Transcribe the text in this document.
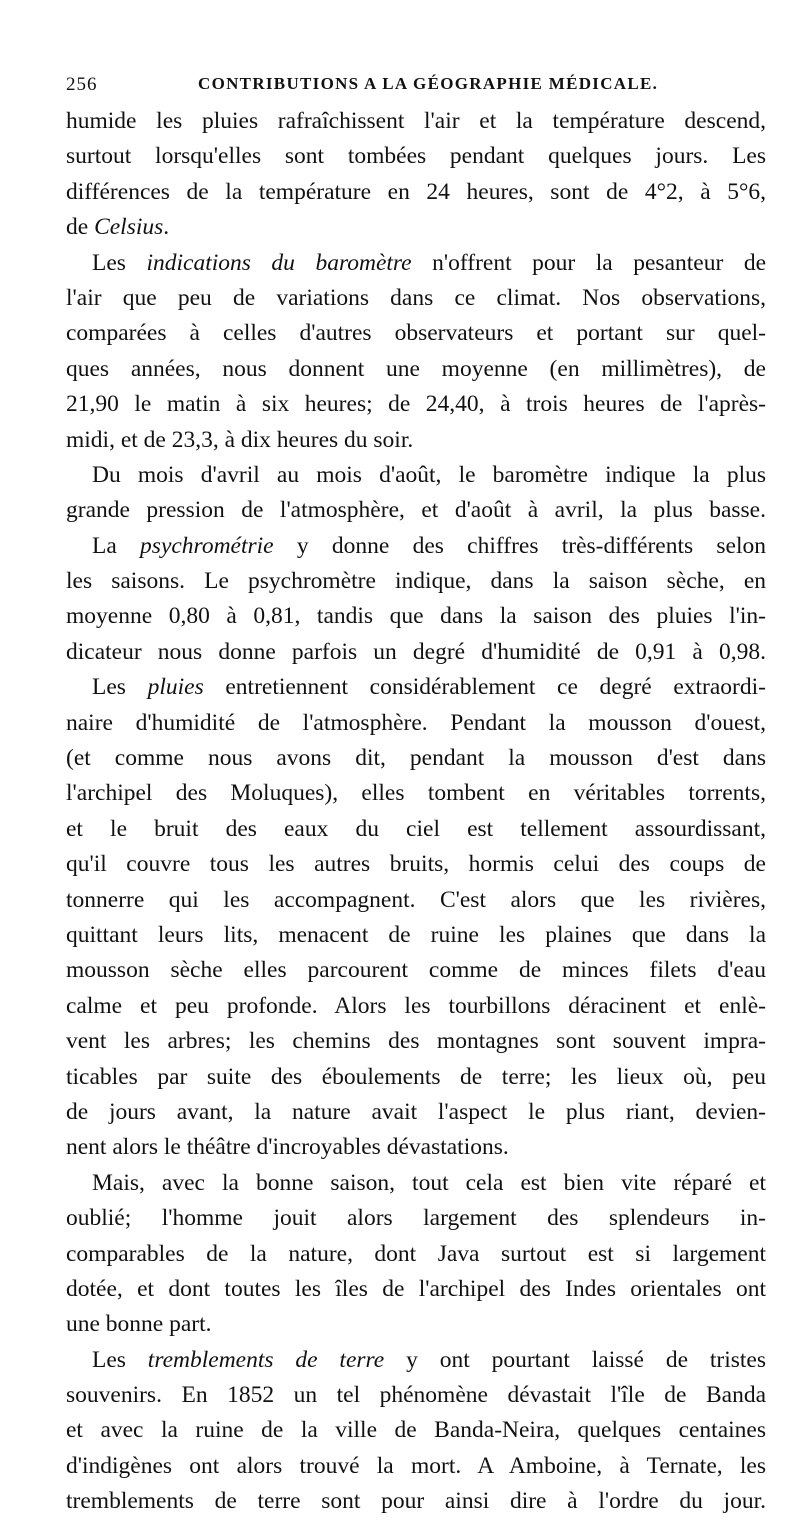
256	CONTRIBUTIONS A LA GÉOGRAPHIE MÉDICALE.
humide les pluies rafraîchissent l'air et la température descend,
surtout lorsqu'elles sont tombées pendant quelques jours. Les
différences de la température en 24 heures, sont de 4°2, à 5°6,
de Celsius.
Les indications du baromètre n'offrent pour la pesanteur de
l'air que peu de variations dans ce climat. Nos observations,
comparées à celles d'autres observateurs et portant sur quel-
ques années, nous donnent une moyenne (en millimètres), de
21,90 le matin à six heures; de 24,40, à trois heures de l'après-
midi, et de 23,3, à dix heures du soir.
Du mois d'avril au mois d'août, le baromètre indique la plus
grande pression de l'atmosphère, et d'août à avril, la plus basse.
La psychrométrie y donne des chiffres très-différents selon
les saisons. Le psychromètre indique, dans la saison sèche, en
moyenne 0,80 à 0,81, tandis que dans la saison des pluies l'in-
dicateur nous donne parfois un degré d'humidité de 0,91 à 0,98.
Les pluies entretiennent considérablement ce degré extraordi-
naire d'humidité de l'atmosphère. Pendant la mousson d'ouest,
(et comme nous avons dit, pendant la mousson d'est dans
l'archipel des Moluques), elles tombent en véritables torrents,
et le bruit des eaux du ciel est tellement assourdissant,
qu'il couvre tous les autres bruits, hormis celui des coups de
tonnerre qui les accompagnent. C'est alors que les rivières,
quittant leurs lits, menacent de ruine les plaines que dans la
mousson sèche elles parcourent comme de minces filets d'eau
calme et peu profonde. Alors les tourbillons déracinent et enlè-
vent les arbres; les chemins des montagnes sont souvent impra-
ticables par suite des éboulements de terre; les lieux où, peu
de jours avant, la nature avait l'aspect le plus riant, devien-
nent alors le théâtre d'incroyables dévastations.
Mais, avec la bonne saison, tout cela est bien vite réparé et
oublié; l'homme jouit alors largement des splendeurs in-
comparables de la nature, dont Java surtout est si largement
dotée, et dont toutes les îles de l'archipel des Indes orientales ont
une bonne part.
Les tremblements de terre y ont pourtant laissé de tristes
souvenirs. En 1852 un tel phénomène dévastait l'île de Banda
et avec la ruine de la ville de Banda-Neira, quelques centaines
d'indigènes ont alors trouvé la mort. A Amboine, à Ternate, les
tremblements de terre sont pour ainsi dire à l'ordre du jour.
